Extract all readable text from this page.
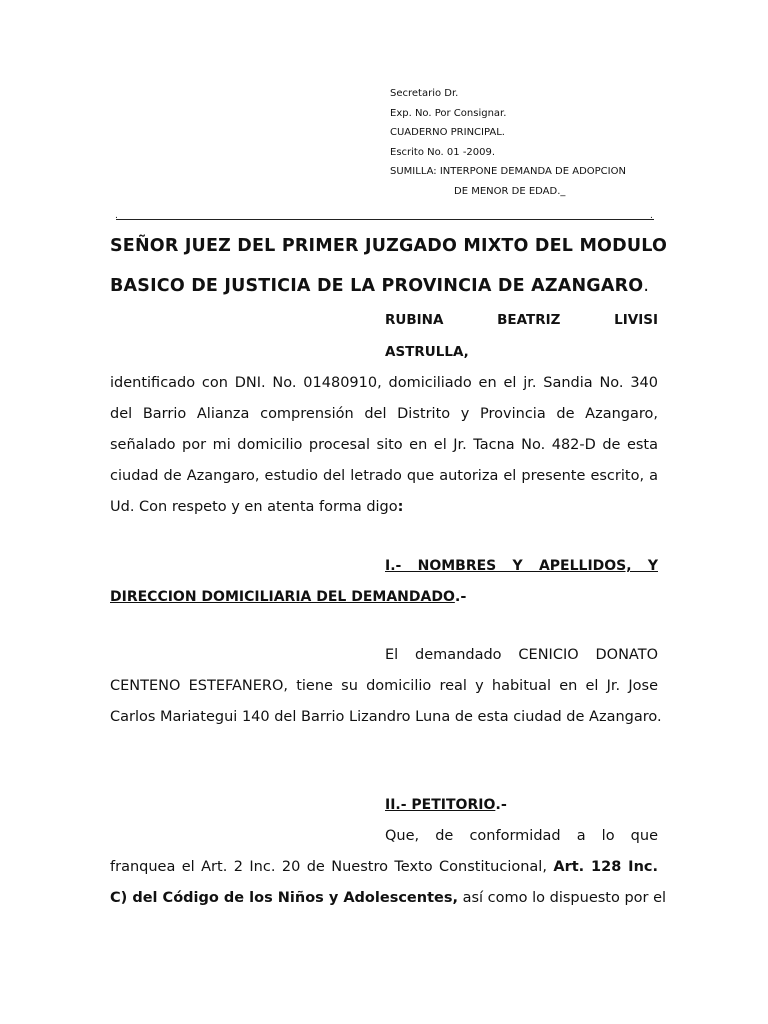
Secretario Dr.
Exp. No. Por Consignar.
CUADERNO PRINCIPAL.
Escrito No. 01 -2009.
SUMILLA: INTERPONE DEMANDA DE ADOPCION
DE MENOR DE EDAD._
.	.
SEÑOR JUEZ DEL PRIMER JUZGADO MIXTO DEL MODULO
BASICO DE JUSTICIA DE LA PROVINCIA DE AZANGARO.
RUBINA BEATRIZ LIVISI
ASTRULLA,
identificado con DNI. No. 01480910, domiciliado en el jr. Sandia No. 340
del Barrio Alianza comprensión del Distrito y Provincia de Azangaro,
señalado por mi domicilio procesal sito en el Jr. Tacna No. 482-D de esta
ciudad de Azangaro, estudio del letrado que autoriza el presente escrito, a
Ud. Con respeto y en atenta forma digo:
I.- NOMBRES Y APELLIDOS, Y
DIRECCION DOMICILIARIA DEL DEMANDADO.-
El demandado CENICIO DONATO
CENTENO ESTEFANERO, tiene su domicilio real y habitual en el Jr. Jose
Carlos Mariategui 140 del Barrio Lizandro Luna de esta ciudad de Azangaro.
II.- PETITORIO.-
Que, de conformidad a lo que
franquea el Art. 2 Inc. 20 de Nuestro Texto Constitucional, Art. 128 Inc.
C) del Código de los Niños y Adolescentes, así como lo dispuesto por el
